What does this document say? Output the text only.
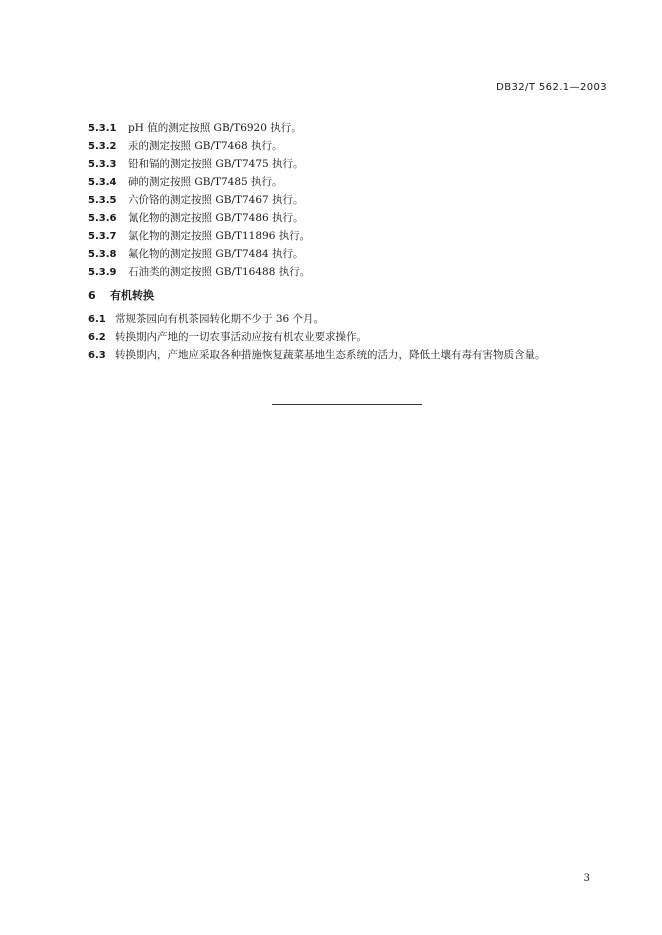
DB32/T 562.1—2003
5.3.1 pH 值的测定按照 GB/T6920 执行。
5.3.2 汞的测定按照 GB/T7468 执行。
5.3.3 铅和镉的测定按照 GB/T7475 执行。
5.3.4 砷的测定按照 GB/T7485 执行。
5.3.5 六价铬的测定按照 GB/T7467 执行。
5.3.6 氰化物的测定按照 GB/T7486 执行。
5.3.7 氯化物的测定按照 GB/T11896 执行。
5.3.8 氟化物的测定按照 GB/T7484 执行。
5.3.9 石油类的测定按照 GB/T16488 执行。
6 有机转换
6.1 常规茶园向有机茶园转化期不少于 36 个月。
6.2 转换期内产地的一切农事活动应按有机农业要求操作。
6.3 转换期内，产地应采取各种措施恢复蔬菜基地生态系统的活力，降低土壤有毒有害物质含量。
3
